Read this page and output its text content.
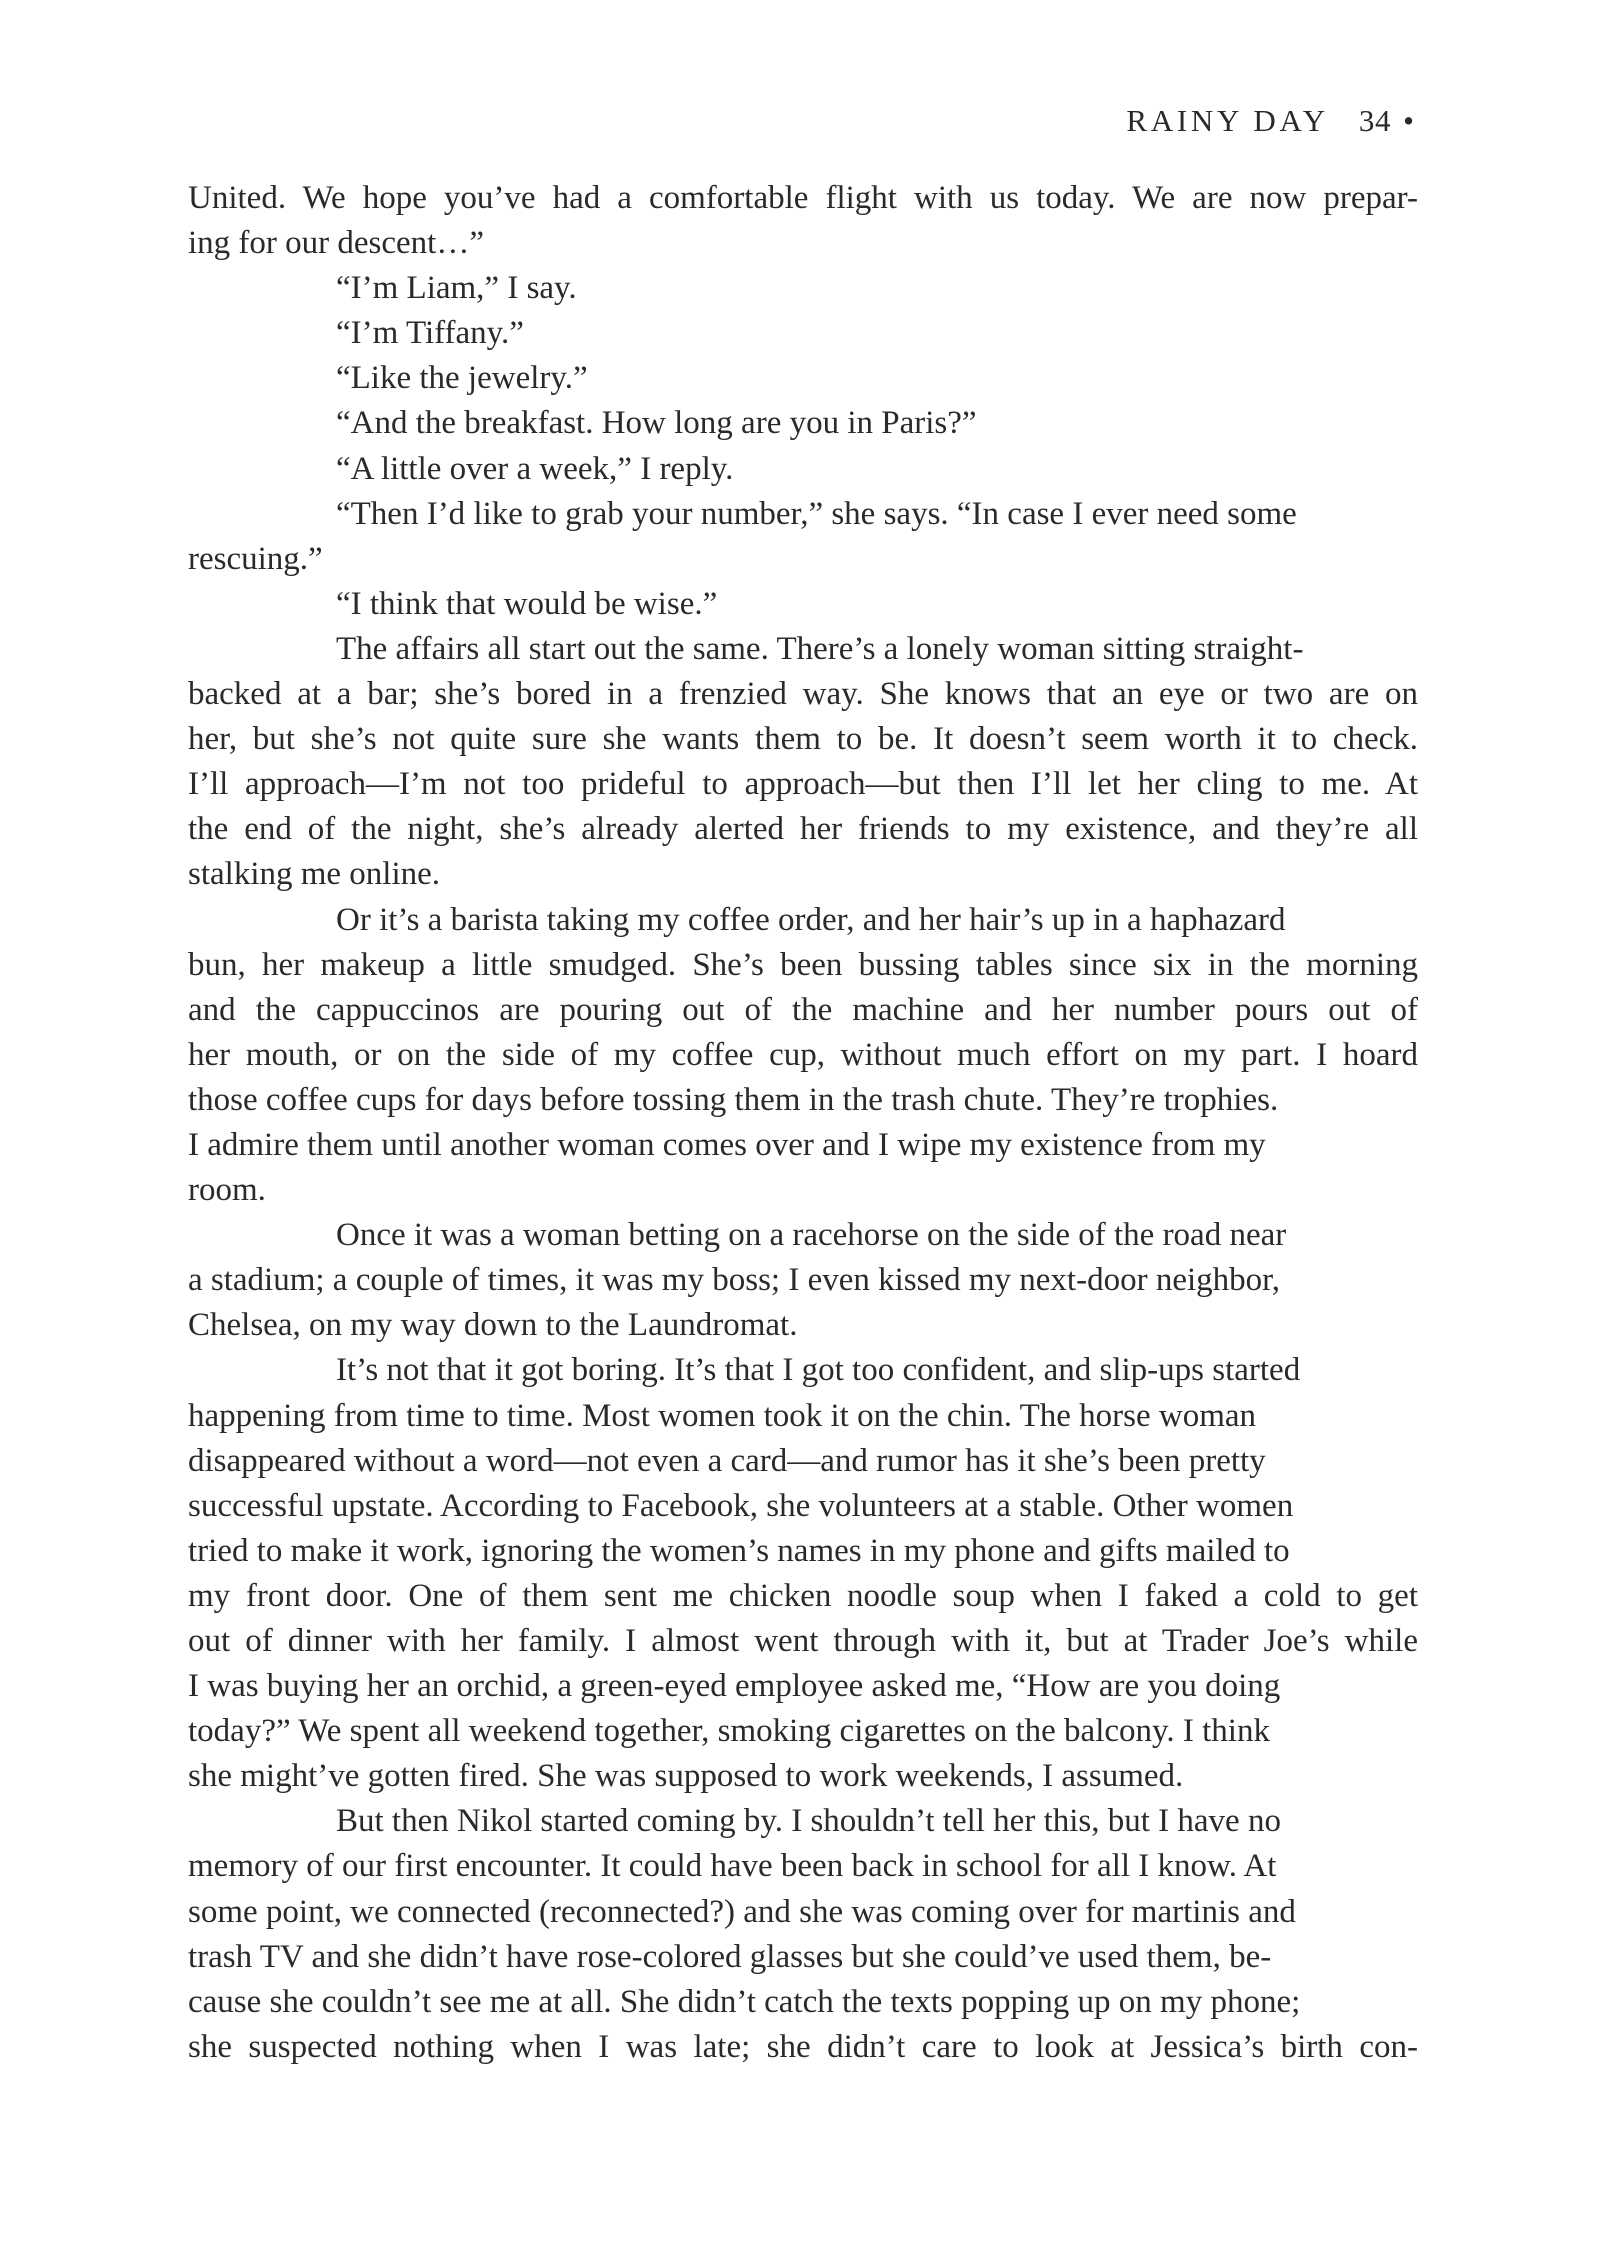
RAINY DAY 34 •
United. We hope you’ve had a comfortable flight with us today. We are now prepar-
ing for our descent…”
“I’m Liam,” I say.
“I’m Tiffany.”
“Like the jewelry.”
“And the breakfast. How long are you in Paris?”
“A little over a week,” I reply.
“Then I’d like to grab your number,” she says. “In case I ever need some
rescuing.”
“I think that would be wise.”
The affairs all start out the same. There’s a lonely woman sitting straight-
backed at a bar; she’s bored in a frenzied way. She knows that an eye or two are on
her, but she’s not quite sure she wants them to be. It doesn’t seem worth it to check.
I’ll approach—I’m not too prideful to approach—but then I’ll let her cling to me. At
the end of the night, she’s already alerted her friends to my existence, and they’re all
stalking me online.
Or it’s a barista taking my coffee order, and her hair’s up in a haphazard
bun, her makeup a little smudged. She’s been bussing tables since six in the morning
and the cappuccinos are pouring out of the machine and her number pours out of
her mouth, or on the side of my coffee cup, without much effort on my part. I hoard
those coffee cups for days before tossing them in the trash chute. They’re trophies.
I admire them until another woman comes over and I wipe my existence from my
room.
Once it was a woman betting on a racehorse on the side of the road near
a stadium; a couple of times, it was my boss; I even kissed my next-door neighbor,
Chelsea, on my way down to the Laundromat.
It’s not that it got boring. It’s that I got too confident, and slip-ups started
happening from time to time. Most women took it on the chin. The horse woman
disappeared without a word—not even a card—and rumor has it she’s been pretty
successful upstate. According to Facebook, she volunteers at a stable. Other women
tried to make it work, ignoring the women’s names in my phone and gifts mailed to
my front door. One of them sent me chicken noodle soup when I faked a cold to get
out of dinner with her family. I almost went through with it, but at Trader Joe’s while
I was buying her an orchid, a green-eyed employee asked me, “How are you doing
today?” We spent all weekend together, smoking cigarettes on the balcony. I think
she might’ve gotten fired. She was supposed to work weekends, I assumed.
But then Nikol started coming by. I shouldn’t tell her this, but I have no
memory of our first encounter. It could have been back in school for all I know. At
some point, we connected (reconnected?) and she was coming over for martinis and
trash TV and she didn’t have rose-colored glasses but she could’ve used them, be-
cause she couldn’t see me at all. She didn’t catch the texts popping up on my phone;
she suspected nothing when I was late; she didn’t care to look at Jessica’s birth con-
